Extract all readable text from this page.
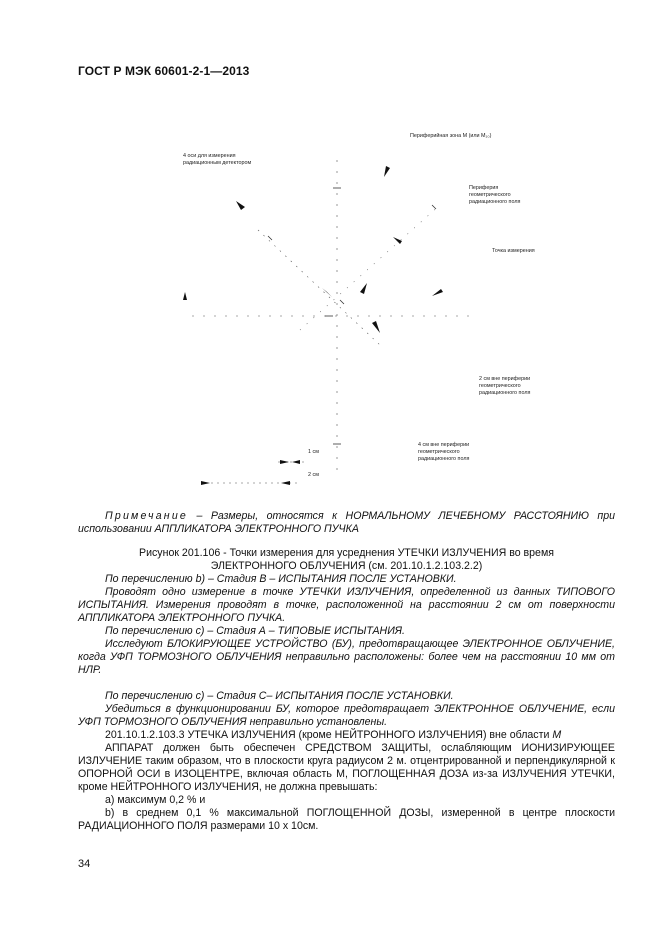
ГОСТ Р МЭК 60601-2-1—2013
Периферийная зона M (или M₁₀)
4 оси для измерения
радиационным детектором
Периферия
геометрического
радиационного поля
Точка измерения
2 см вне периферии
геометрического
радиационного поля
4 см вне периферии
геометрического
радиационного поля
1 см
2 см

Примечание – Размеры, относятся к НОРМАЛЬНОМУ ЛЕЧЕБНОМУ РАССТОЯНИЮ при использовании АППЛИКАТОРА ЭЛЕКТРОННОГО ПУЧКА

Рисунок 201.106 - Точки измерения для усреднения УТЕЧКИ ИЗЛУЧЕНИЯ во время

ЭЛЕКТРОННОГО ОБЛУЧЕНИЯ (см. 201.10.1.2.103.2.2)

По перечислению b) – Стадия В – ИСПЫТАНИЯ ПОСЛЕ УСТАНОВКИ.

Проводят одно измерение в точке УТЕЧКИ ИЗЛУЧЕНИЯ, определенной из данных ТИПОВОГО ИСПЫТАНИЯ. Измерения проводят в точке, расположенной на расстоянии 2 см от поверхности АППЛИКАТОРА ЭЛЕКТРОННОГО ПУЧКА.

По перечислению c) – Стадия А – ТИПОВЫЕ ИСПЫТАНИЯ.

Исследуют БЛОКИРУЮЩЕЕ УСТРОЙСТВО (БУ), предотвращающее ЭЛЕКТРОННОЕ ОБЛУЧЕНИЕ, когда УФП ТОРМОЗНОГО ОБЛУЧЕНИЯ неправильно расположены: более чем на расстоянии 10 мм от НЛР.

По перечислению c) – Стадия С– ИСПЫТАНИЯ ПОСЛЕ УСТАНОВКИ.

Убедиться в функционировании БУ, которое предотвращает ЭЛЕКТРОННОЕ ОБЛУЧЕНИЕ, если УФП ТОРМОЗНОГО ОБЛУЧЕНИЯ неправильно установлены.

201.10.1.2.103.3 УТЕЧКА ИЗЛУЧЕНИЯ (кроме НЕЙТРОННОГО ИЗЛУЧЕНИЯ) вне области М

АППАРАТ должен быть обеспечен СРЕДСТВОМ ЗАЩИТЫ, ослабляющим ИОНИЗИРУЮЩЕЕ ИЗЛУЧЕНИЕ таким образом, что в плоскости круга радиусом 2 м. отцентрированной и перпендикулярной к ОПОРНОЙ ОСИ в ИЗОЦЕНТРЕ, включая область М, ПОГЛОЩЕННАЯ ДОЗА из-за ИЗЛУЧЕНИЯ УТЕЧКИ, кроме НЕЙТРОННОГО ИЗЛУЧЕНИЯ, не должна превышать:

а) максимум 0,2 % и

b) в среднем 0,1 % максимальной ПОГЛОЩЕННОЙ ДОЗЫ, измеренной в центре плоскости РАДИАЦИОННОГО ПОЛЯ размерами 10 х 10см.

34
